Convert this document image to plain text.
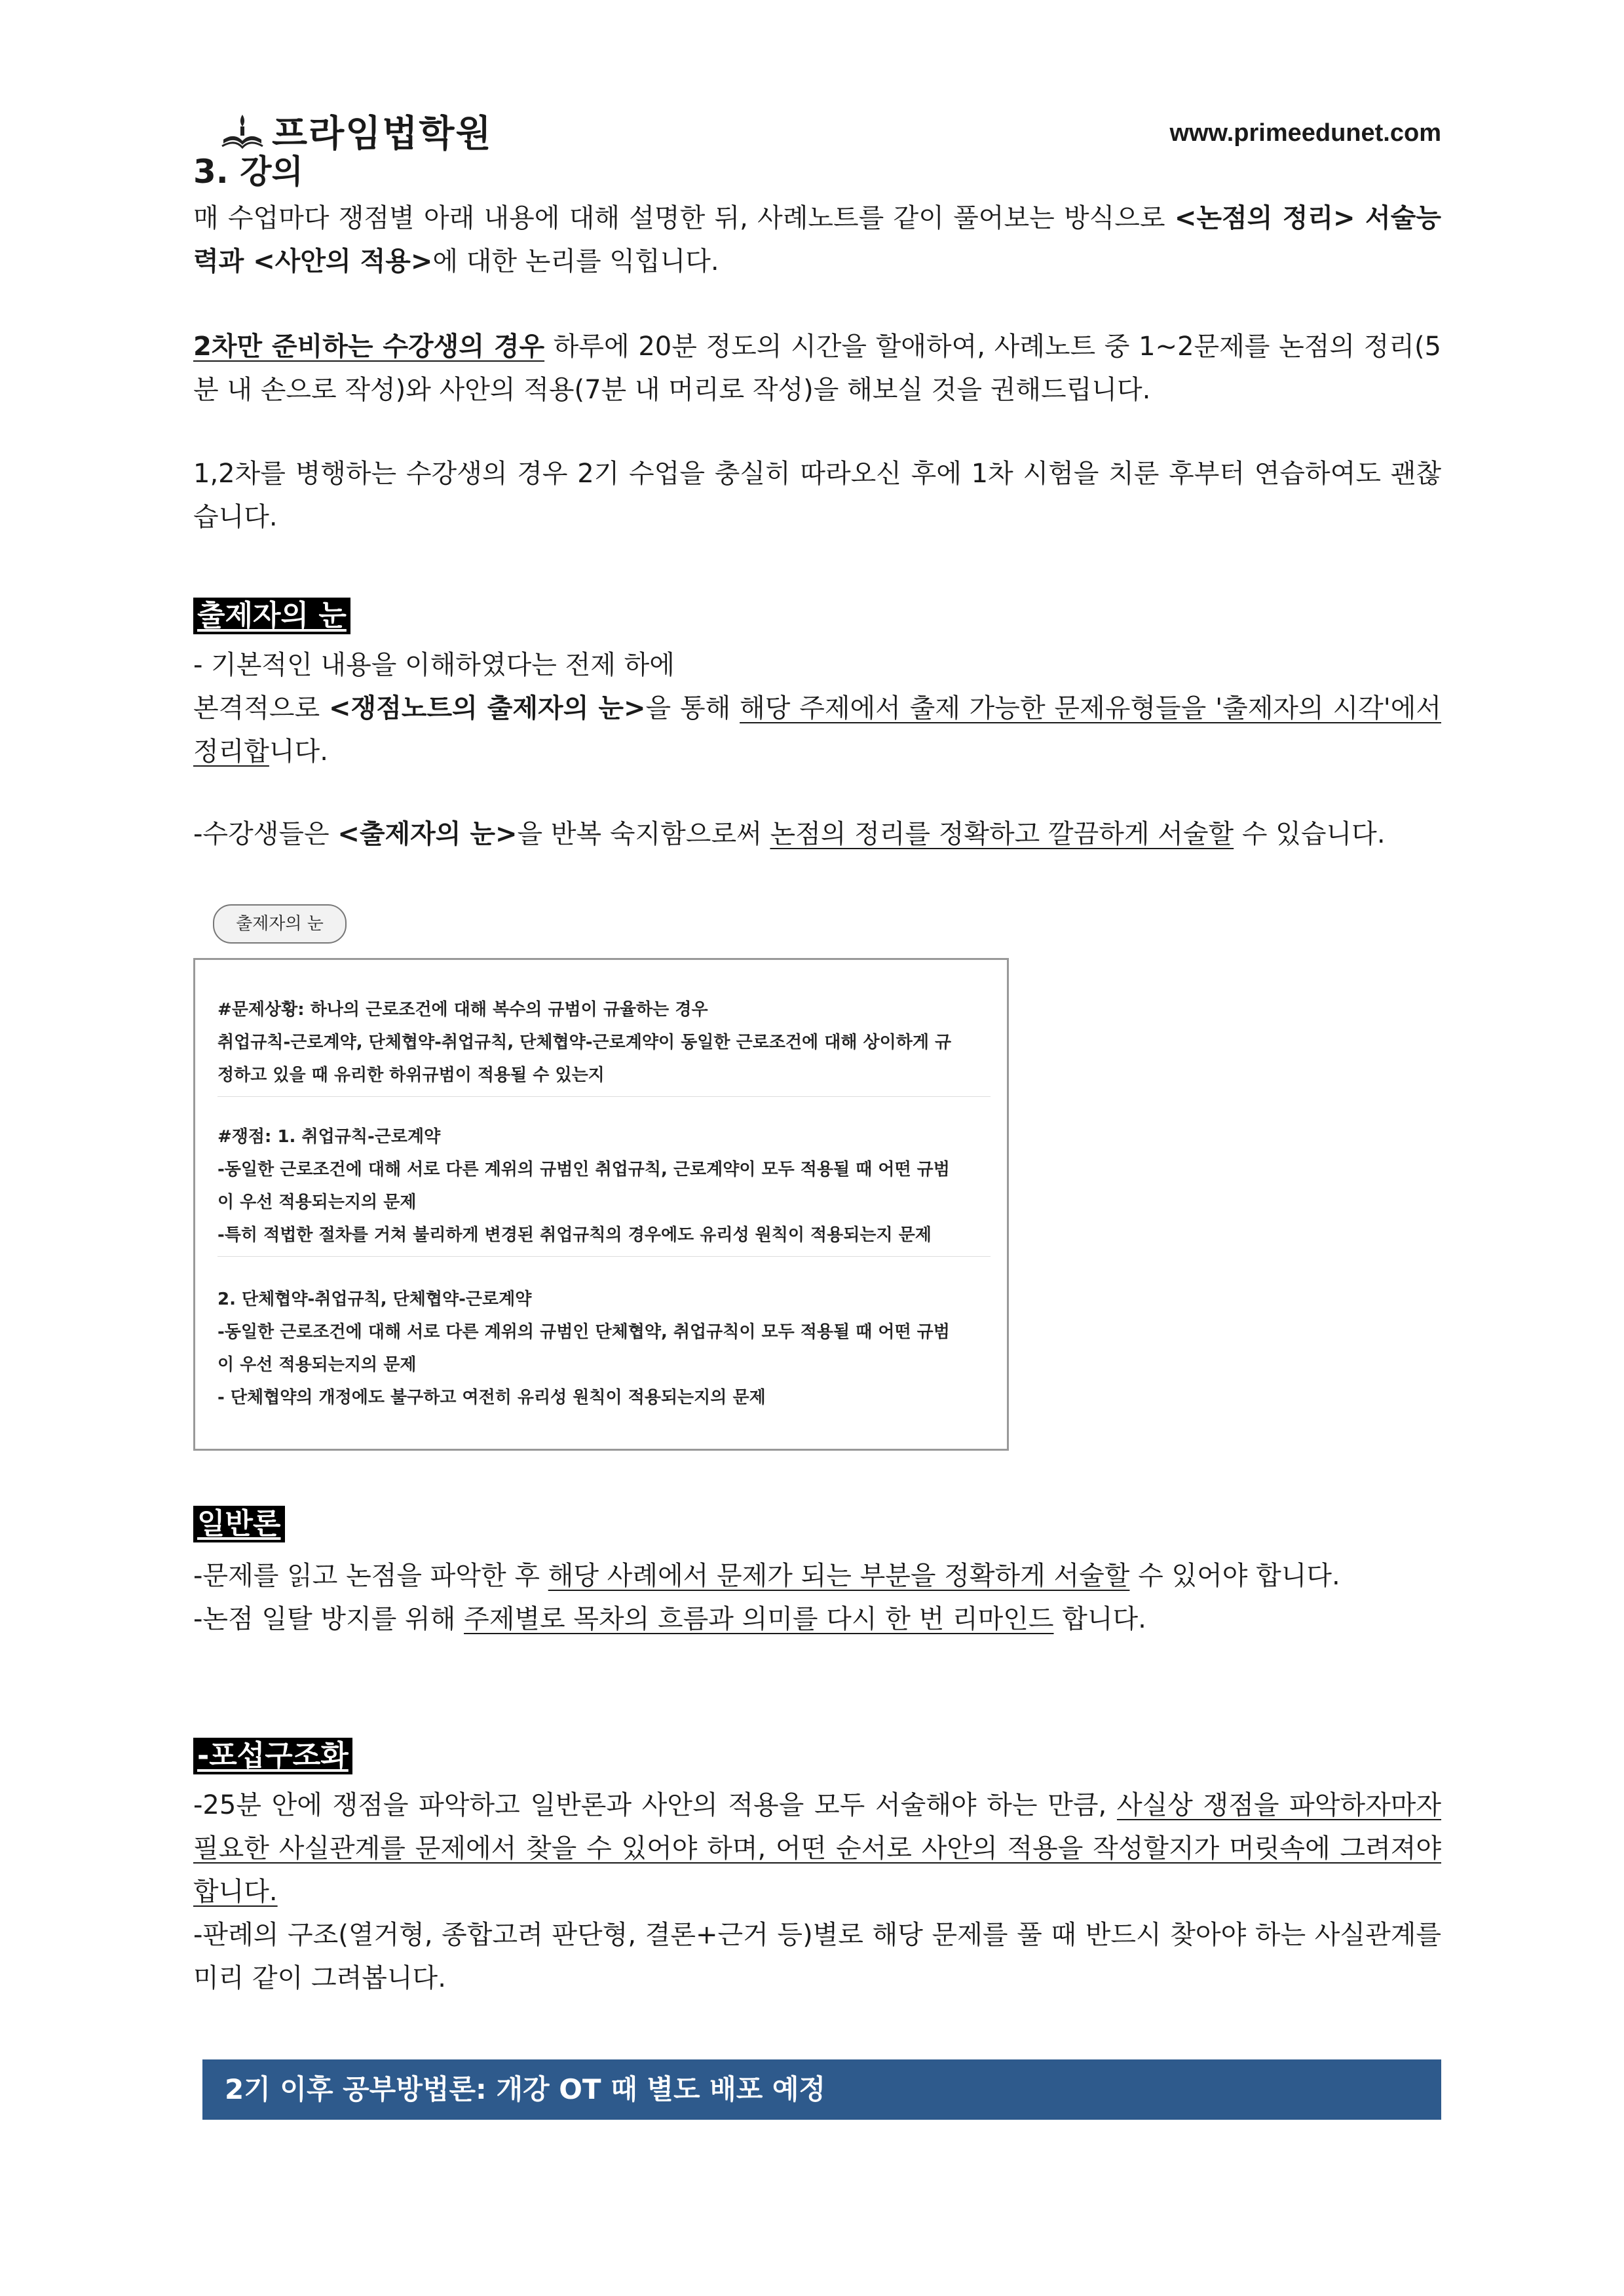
프라임법학원	www.primeedunet.com
3. 강의
매 수업마다 쟁점별 아래 내용에 대해 설명한 뒤, 사례노트를 같이 풀어보는 방식으로 <논점의 정리> 서술능력과 <사안의 적용>에 대한 논리를 익힙니다.
2차만 준비하는 수강생의 경우 하루에 20분 정도의 시간을 할애하여, 사례노트 중 1~2문제를 논점의 정리(5분 내 손으로 작성)와 사안의 적용(7분 내 머리로 작성)을 해보실 것을 권해드립니다.
1,2차를 병행하는 수강생의 경우 2기 수업을 충실히 따라오신 후에 1차 시험을 치룬 후부터 연습하여도 괜찮습니다.
출제자의 눈
- 기본적인 내용을 이해하였다는 전제 하에
본격적으로 <쟁점노트의 출제자의 눈>을 통해 해당 주제에서 출제 가능한 문제유형들을 '출제자의 시각'에서 정리합니다.
-수강생들은 <출제자의 눈>을 반복 숙지함으로써 논점의 정리를 정확하고 깔끔하게 서술할 수 있습니다.
출제자의 눈
#문제상황: 하나의 근로조건에 대해 복수의 규범이 규율하는 경우
취업규칙-근로계약, 단체협약-취업규칙, 단체협약-근로계약이 동일한 근로조건에 대해 상이하게 규
정하고 있을 때 유리한 하위규범이 적용될 수 있는지
#쟁점: 1. 취업규칙-근로계약
-동일한 근로조건에 대해 서로 다른 계위의 규범인 취업규칙, 근로계약이 모두 적용될 때 어떤 규범
이 우선 적용되는지의 문제
-특히 적법한 절차를 거쳐 불리하게 변경된 취업규칙의 경우에도 유리성 원칙이 적용되는지 문제
2. 단체협약-취업규칙, 단체협약-근로계약
-동일한 근로조건에 대해 서로 다른 계위의 규범인 단체협약, 취업규칙이 모두 적용될 때 어떤 규범
이 우선 적용되는지의 문제
- 단체협약의 개정에도 불구하고 여전히 유리성 원칙이 적용되는지의 문제
일반론
-문제를 읽고 논점을 파악한 후 해당 사례에서 문제가 되는 부분을 정확하게 서술할 수 있어야 합니다.
-논점 일탈 방지를 위해 주제별로 목차의 흐름과 의미를 다시 한 번 리마인드 합니다.
-포섭구조화
-25분 안에 쟁점을 파악하고 일반론과 사안의 적용을 모두 서술해야 하는 만큼, 사실상 쟁점을 파악하자마자 필요한 사실관계를 문제에서 찾을 수 있어야 하며, 어떤 순서로 사안의 적용을 작성할지가 머릿속에 그려져야 합니다.
-판례의 구조(열거형, 종합고려 판단형, 결론+근거 등)별로 해당 문제를 풀 때 반드시 찾아야 하는 사실관계를 미리 같이 그려봅니다.
2기 이후 공부방법론: 개강 OT 때 별도 배포 예정
